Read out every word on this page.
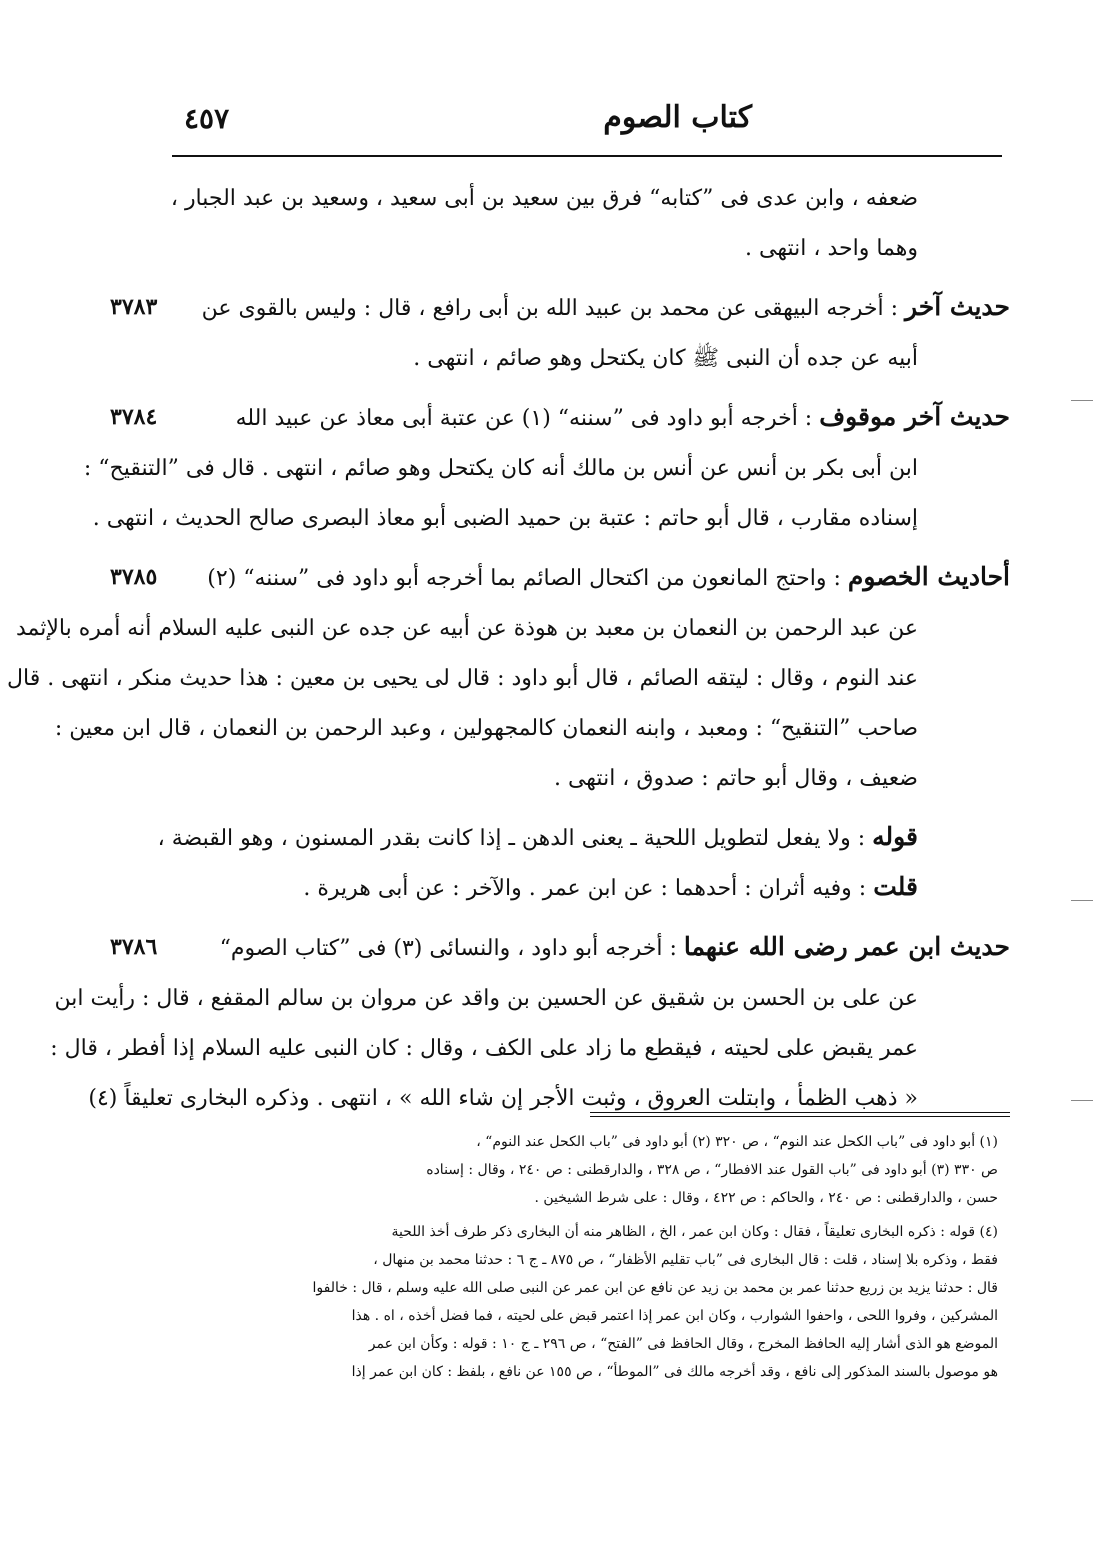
كتاب الصوم
٤٥٧
ضعفه ، وابن عدى فى ”كتابه“ فرق بين سعيد بن أبى سعيد ، وسعيد بن عبد الجبار ،
وهما واحد ، انتهى .
٣٧٨٣	حديث آخر : أخرجه البيهقى عن محمد بن عبيد الله بن أبى رافع ، قال : وليس بالقوى عن
أبيه عن جده أن النبى ﷺ كان يكتحل وهو صائم ، انتهى .
٣٧٨٤	حديث آخر موقوف : أخرجه أبو داود فى ”سننه“ (١) عن عتبة أبى معاذ عن عبيد الله
ابن أبى بكر بن أنس عن أنس بن مالك أنه كان يكتحل وهو صائم ، انتهى . قال فى ”التنقيح“ :
إسناده مقارب ، قال أبو حاتم : عتبة بن حميد الضبى أبو معاذ البصرى صالح الحديث ، انتهى .
٣٧٨٥	أحاديث الخصوم : واحتج المانعون من اكتحال الصائم بما أخرجه أبو داود فى ”سننه“ (٢)
عن عبد الرحمن بن النعمان بن معبد بن هوذة عن أبيه عن جده عن النبى عليه السلام أنه أمره بالإثمد
عند النوم ، وقال : ليتقه الصائم ، قال أبو داود : قال لى يحيى بن معين : هذا حديث منكر ، انتهى . قال
صاحب ”التنقيح“ : ومعبد ، وابنه النعمان كالمجهولين ، وعبد الرحمن بن النعمان ، قال ابن معين :
ضعيف ، وقال أبو حاتم : صدوق ، انتهى .
قوله : ولا يفعل لتطويل اللحية ـ يعنى الدهن ـ إذا كانت بقدر المسنون ، وهو القبضة ،
قلت : وفيه أثران : أحدهما : عن ابن عمر . والآخر : عن أبى هريرة .
٣٧٨٦	حديث ابن عمر رضى الله عنهما : أخرجه أبو داود ، والنسائى (٣) فى ”كتاب الصوم“
عن على بن الحسن بن شقيق عن الحسين بن واقد عن مروان بن سالم المقفع ، قال : رأيت ابن
عمر يقبض على لحيته ، فيقطع ما زاد على الكف ، وقال : كان النبى عليه السلام إذا أفطر ، قال :
« ذهب الظمأ ، وابتلت العروق ، وثبت الأجر إن شاء الله » ، انتهى . وذكره البخارى تعليقاً (٤)
(١) أبو داود فى ”باب الكحل عند النوم“ ، ص ٣٢٠ (٢) أبو داود فى ”باب الكحل عند النوم“ ،
ص ٣٣٠ (٣) أبو داود فى ”باب القول عند الافطار“ ، ص ٣٢٨ ، والدارقطنى : ص ٢٤٠ ، وقال : إسناده
حسن ، والدارقطنى : ص ٢٤٠ ، والحاكم : ص ٤٢٢ ، وقال : على شرط الشيخين .
(٤) قوله : ذكره البخارى تعليقاً ، فقال : وكان ابن عمر ، الخ ، الظاهر منه أن البخارى ذكر طرف أخذ اللحية
فقط ، وذكره بلا إسناد ، قلت : قال البخارى فى ”باب تقليم الأظفار“ ، ص ٨٧٥ ـ ج ٦ : حدثنا محمد بن منهال ،
قال : حدثنا يزيد بن زريع حدثنا عمر بن محمد بن زيد عن نافع عن ابن عمر عن النبى صلى الله عليه وسلم ، قال : خالفوا
المشركين ، وفروا اللحى ، واحفوا الشوارب ، وكان ابن عمر إذا اعتمر قبض على لحيته ، فما فضل أخذه ، اه . هذا
الموضع هو الذى أشار إليه الحافظ المخرج ، وقال الحافظ فى ”الفتح“ ، ص ٢٩٦ ـ ج ١٠ : قوله : وكأن ابن عمر
هو موصول بالسند المذكور إلى نافع ، وقد أخرجه مالك فى ”الموطأ“ ، ص ١٥٥ عن نافع ، بلفظ : كان ابن عمر إذا
